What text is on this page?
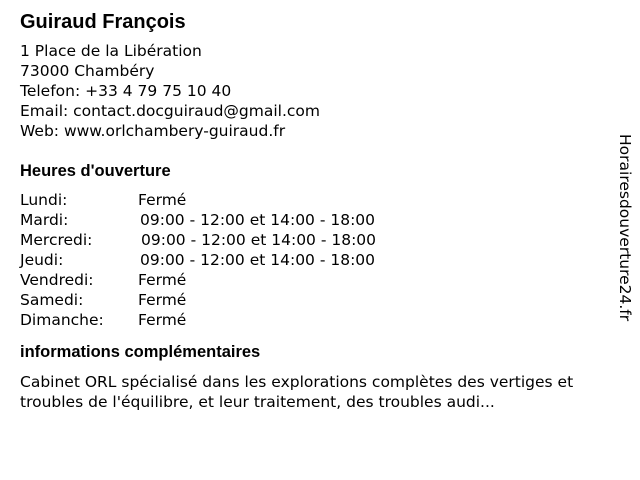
Guiraud François
1 Place de la Libération
73000 Chambéry
Telefon: +33 4 79 75 10 40
Email: contact.docguiraud@gmail.com
Web: www.orlchambery-guiraud.fr
Heures d'ouverture
Lundi:	Fermé
Mardi:	09:00 - 12:00 et 14:00 - 18:00
Mercredi:	09:00 - 12:00 et 14:00 - 18:00
Jeudi:	09:00 - 12:00 et 14:00 - 18:00
Vendredi:	Fermé
Samedi:	Fermé
Dimanche: Fermé
informations complémentaires
Cabinet ORL spécialisé dans les explorations complètes des vertiges et troubles de l'équilibre, et leur traitement, des troubles audi...
Horairesdouverture24.fr
